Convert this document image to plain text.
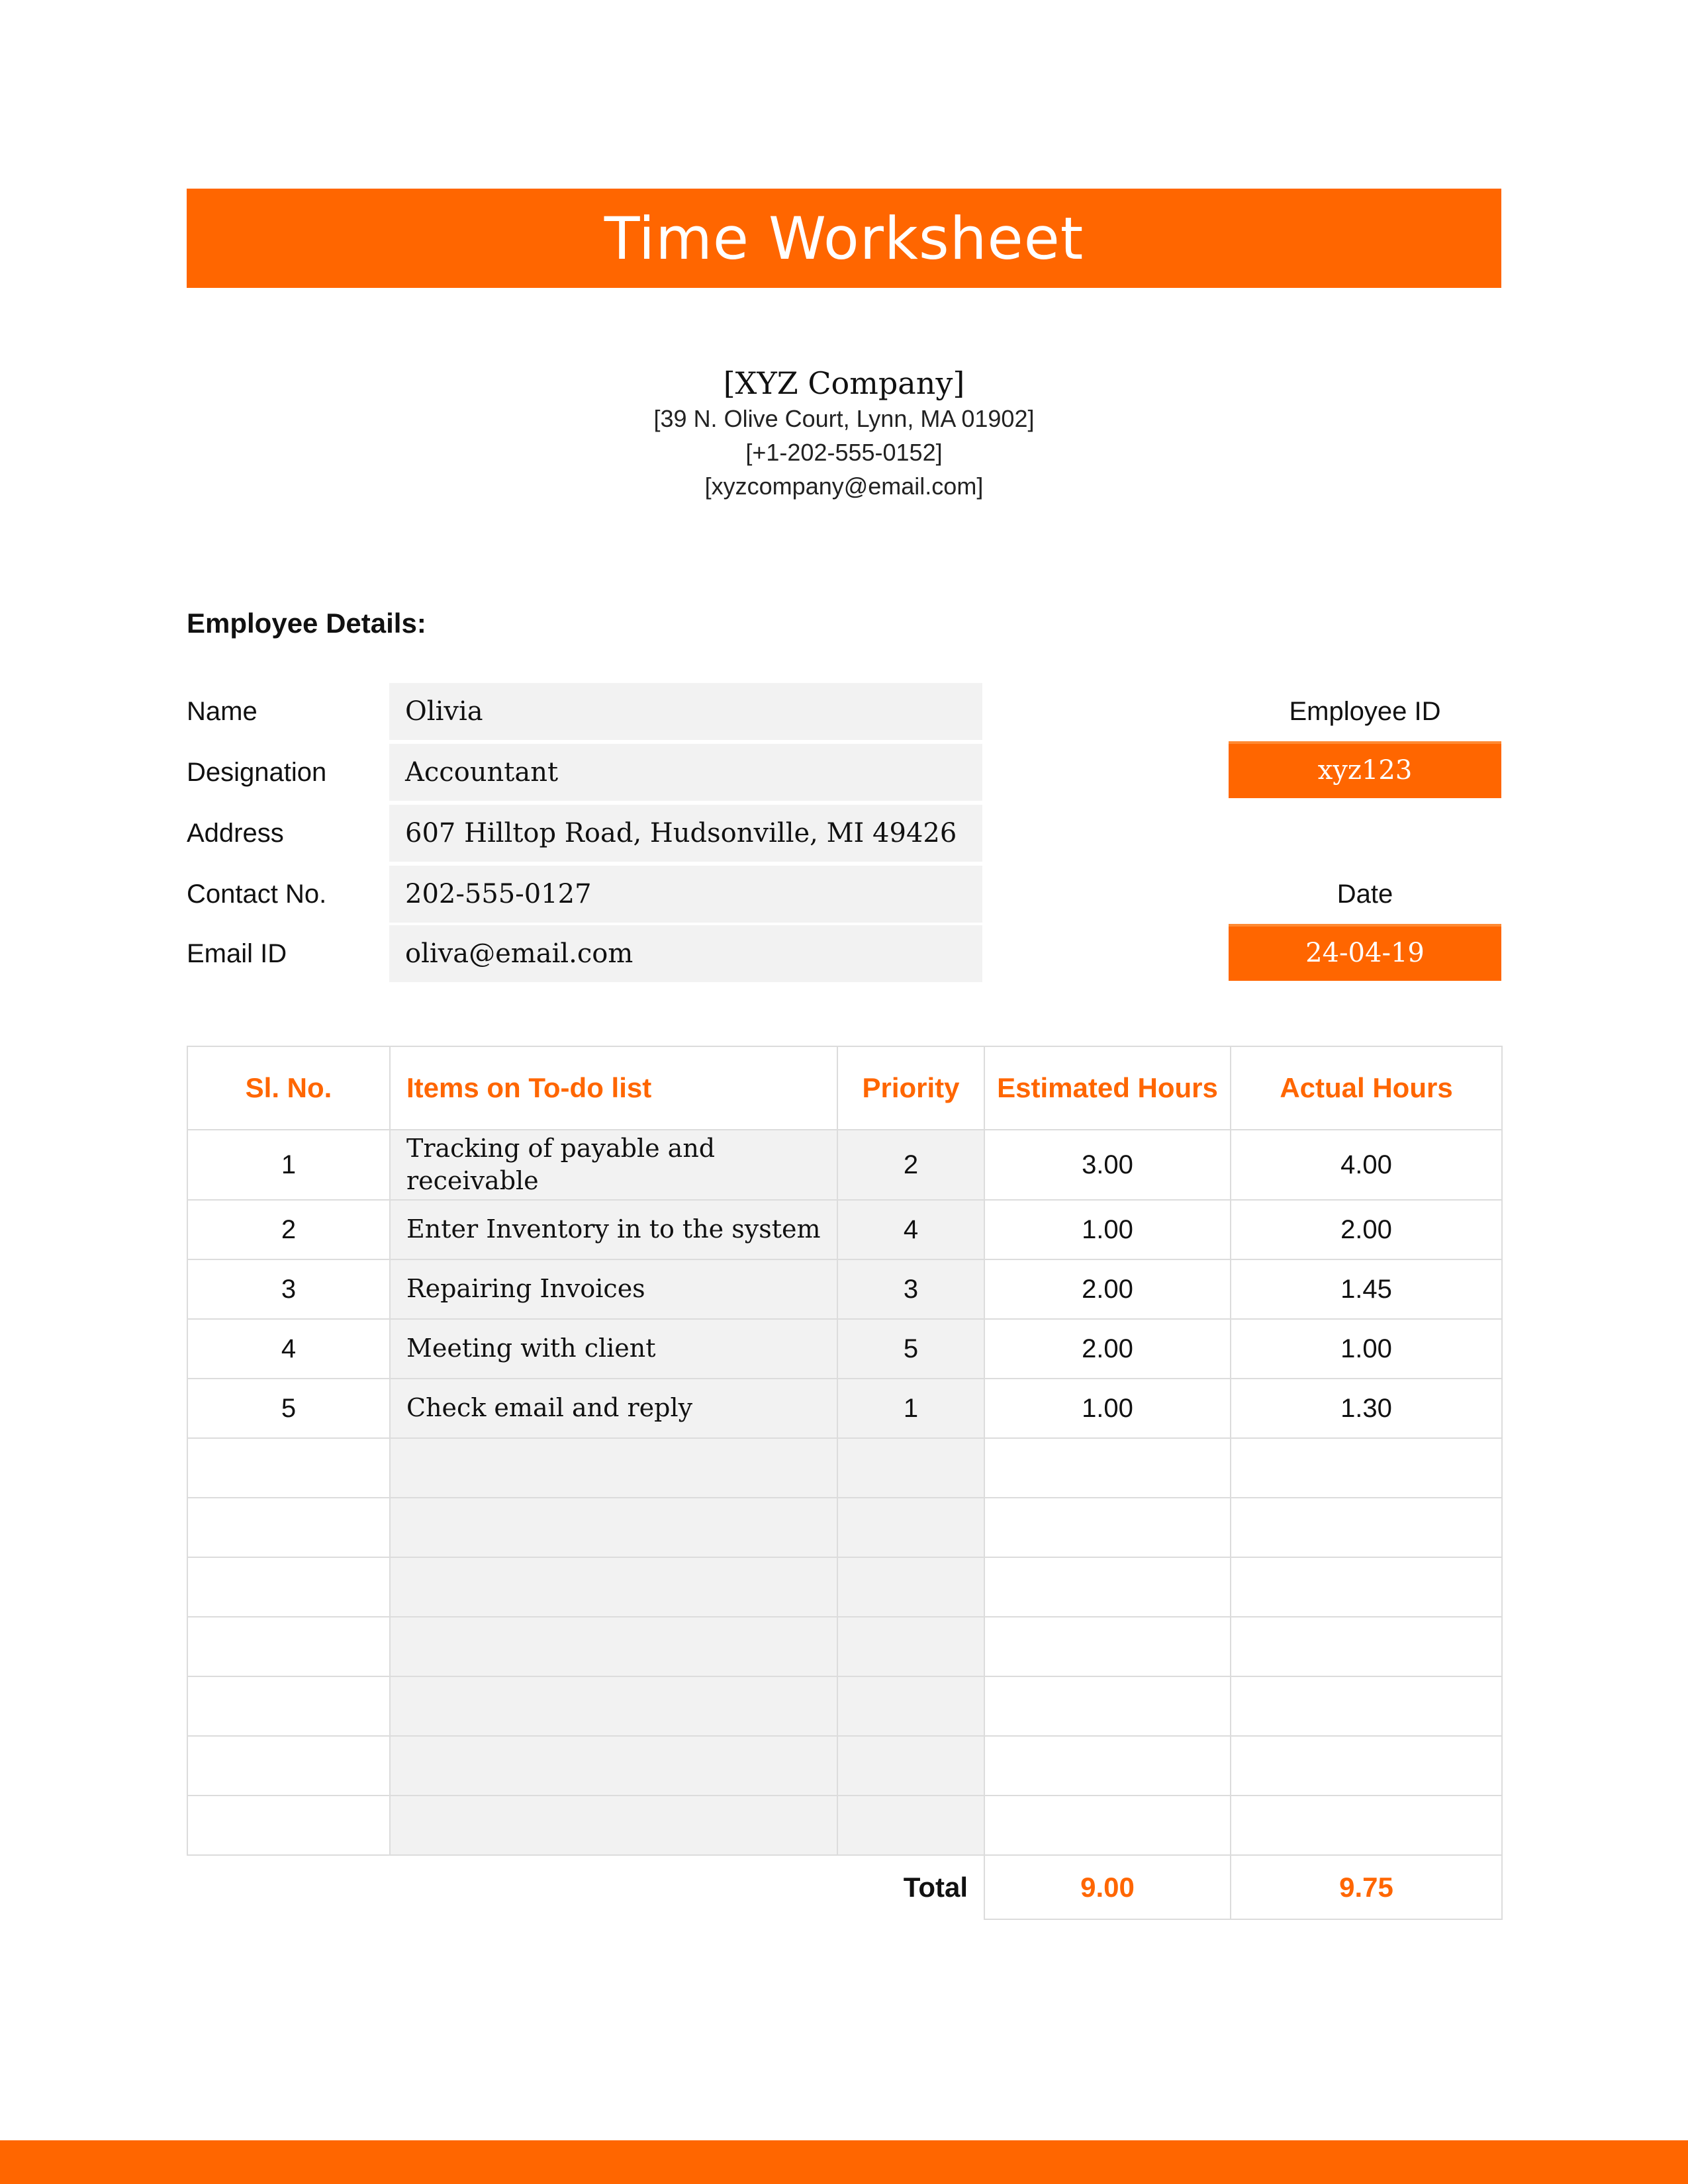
Time Worksheet
[XYZ Company]
[39 N. Olive Court, Lynn, MA 01902]
[+1-202-555-0152]
[xyzcompany@email.com]
Employee Details:
Name	Olivia
Designation	Accountant
Address	607 Hilltop Road, Hudsonville, MI 49426
Contact No.	202-555-0127
Email ID	oliva@email.com
Employee ID
xyz123
Date
24-04-19
Sl. No.	Items on To-do list	Priority	Estimated Hours	Actual Hours
1	Tracking of payable and receivable	2	3.00	4.00
2	Enter Inventory in to the system	4	1.00	2.00
3	Repairing Invoices	3	2.00	1.45
4	Meeting with client	5	2.00	1.00
5	Check email and reply	1	1.00	1.30

	Total		9.00	9.75
